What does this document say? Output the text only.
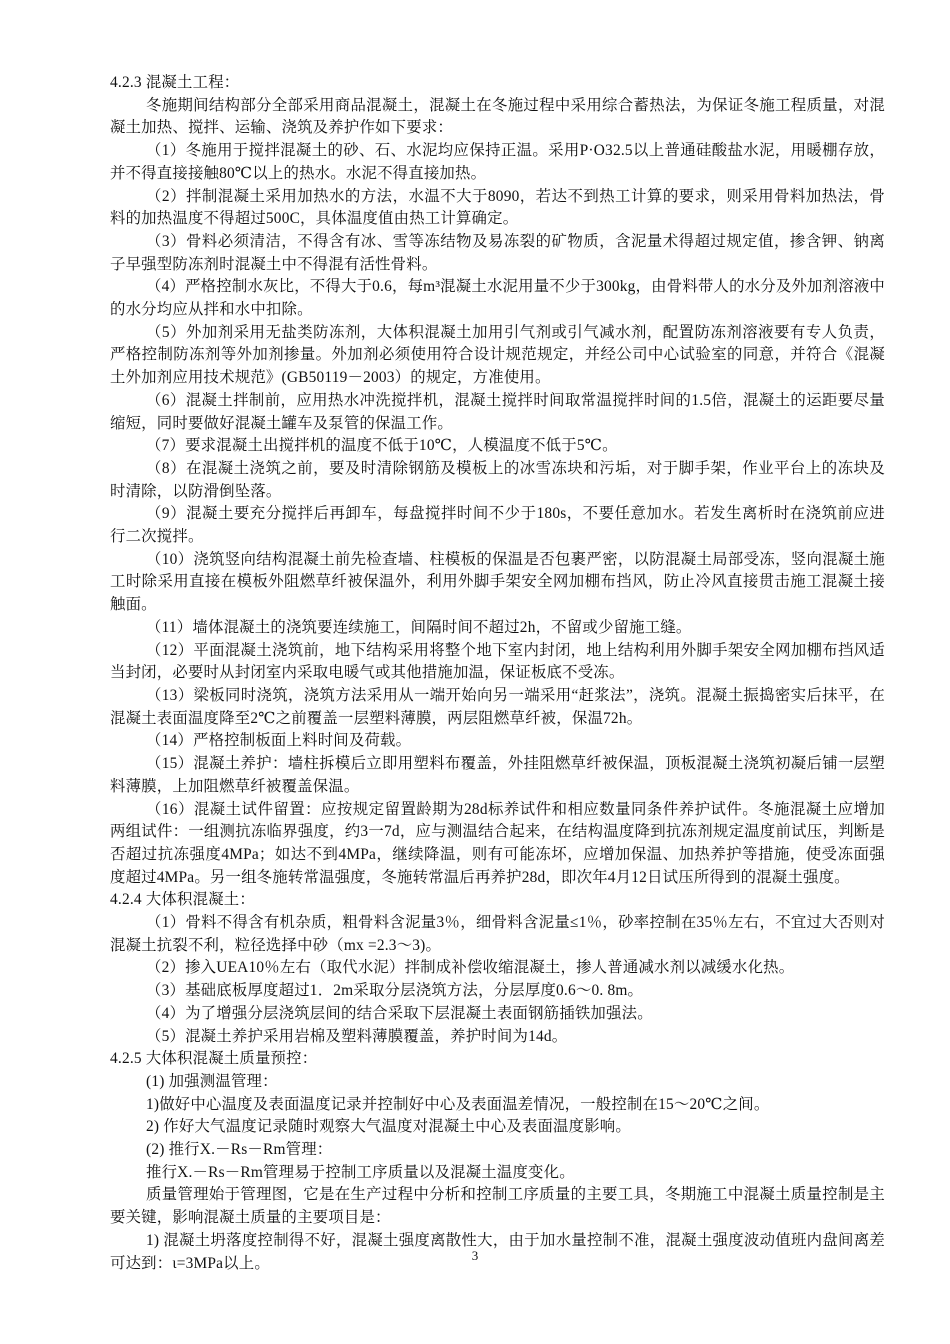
4.2.3 混凝土工程：

冬施期间结构部分全部采用商品混凝土，混凝土在冬施过程中采用综合蓄热法，为保证冬施工程质量，对混凝土加热、搅拌、运输、浇筑及养护作如下要求：

（1）冬施用于搅拌混凝土的砂、石、水泥均应保持正温。采用P·O32.5以上普通硅酸盐水泥，用暖棚存放，并不得直接接触80℃以上的热水。水泥不得直接加热。

（2）拌制混凝土采用加热水的方法，水温不大于8090，若达不到热工计算的要求，则采用骨料加热法，骨料的加热温度不得超过500C，具体温度值由热工计算确定。

（3）骨料必须清洁，不得含有冰、雪等冻结物及易冻裂的矿物质，含泥量术得超过规定值，掺含钾、钠离子早强型防冻剂时混凝土中不得混有活性骨料。

（4）严格控制水灰比，不得大于0.6，每m³混凝土水泥用量不少于300kg，由骨料带人的水分及外加剂溶液中的水分均应从拌和水中扣除。

（5）外加剂采用无盐类防冻剂，大体积混凝土加用引气剂或引气减水剂，配置防冻剂溶液要有专人负责，严格控制防冻剂等外加剂掺量。外加剂必须使用符合设计规范规定，并经公司中心试验室的同意，并符合《混凝土外加剂应用技术规范》(GB50119－2003）的规定，方准使用。

（6）混凝土拌制前，应用热水冲洗搅拌机，混凝土搅拌时间取常温搅拌时间的1.5倍，混凝土的运距要尽量缩短，同时要做好混凝土罐车及泵管的保温工作。

（7）要求混凝土出搅拌机的温度不低于10℃，人模温度不低于5℃。

（8）在混凝土浇筑之前，要及时清除钢筋及模板上的冰雪冻块和污垢，对于脚手架，作业平台上的冻块及时清除，以防滑倒坠落。

（9）混凝土要充分搅拌后再卸车，每盘搅拌时间不少于180s，不要任意加水。若发生离析时在浇筑前应进行二次搅拌。

（10）浇筑竖向结构混凝土前先检查墙、柱模板的保温是否包裹严密，以防混凝土局部受冻，竖向混凝土施工时除采用直接在模板外阻燃草纤被保温外，利用外脚手架安全网加棚布挡风，防止冷风直接贯击施工混凝土接触面。

（11）墙体混凝土的浇筑要连续施工，间隔时间不超过2h，不留或少留施工缝。

（12）平面混凝土浇筑前，地下结构采用将整个地下室内封闭，地上结构利用外脚手架安全网加棚布挡风适当封闭，必要时从封闭室内采取电暖气或其他措施加温，保证板底不受冻。

（13）梁板同时浇筑，浇筑方法采用从一端开始向另一端采用“赶浆法”，浇筑。混凝土振捣密实后抹平，在混凝土表面温度降至2℃之前覆盖一层塑料薄膜，两层阻燃草纤被，保温72h。

（14）严格控制板面上料时间及荷载。

（15）混凝土养护：墙柱拆模后立即用塑料布覆盖，外挂阻燃草纤被保温，顶板混凝土浇筑初凝后铺一层塑料薄膜，上加阻燃草纤被覆盖保温。

（16）混凝土试件留置：应按规定留置龄期为28d标养试件和相应数量同条件养护试件。冬施混凝土应增加两组试件：一组测抗冻临界强度，约3一7d，应与测温结合起来，在结构温度降到抗冻剂规定温度前试压，判断是否超过抗冻强度4MPa；如达不到4MPa，继续降温，则有可能冻坏，应增加保温、加热养护等措施，使受冻面强度超过4MPa。另一组冬施转常温强度，冬施转常温后再养护28d，即次年4月12日试压所得到的混凝土强度。

4.2.4 大体积混凝土：

（1）骨料不得含有机杂质，粗骨料含泥量3％，细骨料含泥量≤1％，砂率控制在35％左右，不宜过大否则对混凝土抗裂不利，粒径选择中砂（mx =2.3～3)。

（2）掺入UEA10％左右（取代水泥）拌制成补偿收缩混凝土，掺人普通减水剂以减缓水化热。

（3）基础底板厚度超过1．2m采取分层浇筑方法，分层厚度0.6～0. 8m。

（4）为了增强分层浇筑层间的结合采取下层混凝土表面钢筋插铁加强法。

（5）混凝土养护采用岩棉及塑料薄膜覆盖，养护时间为14d。

4.2.5 大体积混凝土质量预控：

(1) 加强测温管理：

1)做好中心温度及表面温度记录并控制好中心及表面温差情况，一般控制在15～20℃之间。

2) 作好大气温度记录随时观察大气温度对混凝土中心及表面温度影响。

(2) 推行X.－Rs－Rm管理：

推行X.－Rs－Rm管理易于控制工序质量以及混凝土温度变化。

质量管理始于管理图，它是在生产过程中分析和控制工序质量的主要工具，冬期施工中混凝土质量控制是主要关键，影响混凝土质量的主要项目是：

1) 混凝土坍落度控制得不好，混凝土强度离散性大，由于加水量控制不准，混凝土强度波动值班内盘间离差可达到：ι=3MPa以上。	3
